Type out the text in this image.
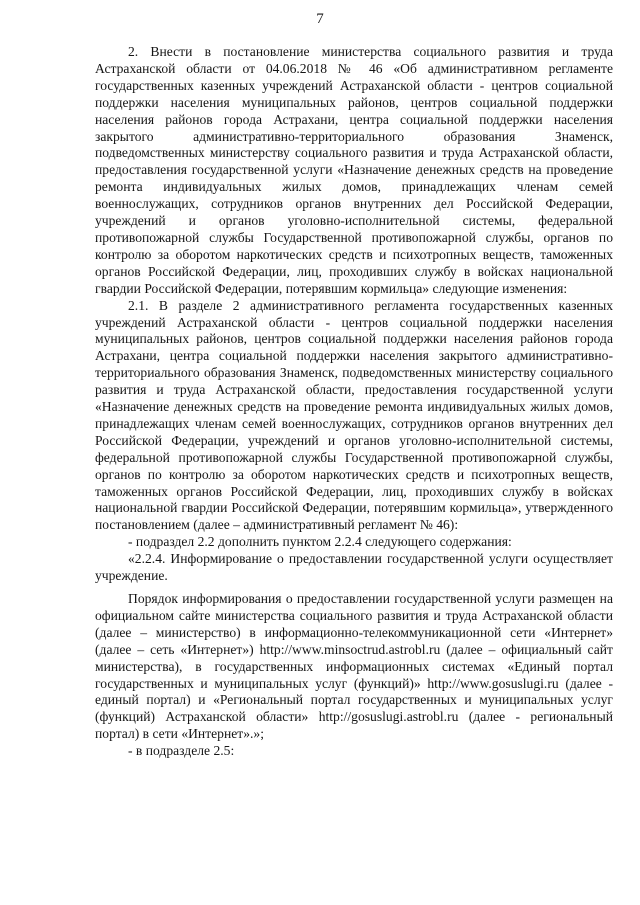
7

2. Внести в постановление министерства социального развития и труда Астраханской области от 04.06.2018 № 46 «Об административном регламенте государственных казенных учреждений Астраханской области - центров социальной поддержки населения муниципальных районов, центров социальной поддержки населения районов города Астрахани, центра социальной поддержки населения закрытого административно-территориального образования Знаменск, подведомственных министерству социального развития и труда Астраханской области, предоставления государственной услуги «Назначение денежных средств на проведение ремонта индивидуальных жилых домов, принадлежащих членам семей военнослужащих, сотрудников органов внутренних дел Российской Федерации, учреждений и органов уголовно-исполнительной системы, федеральной противопожарной службы Государственной противопожарной службы, органов по контролю за оборотом наркотических средств и психотропных веществ, таможенных органов Российской Федерации, лиц, проходивших службу в войсках национальной гвардии Российской Федерации, потерявшим кормильца» следующие изменения:

2.1. В разделе 2 административного регламента государственных казенных учреждений Астраханской области - центров социальной поддержки населения муниципальных районов, центров социальной поддержки населения районов города Астрахани, центра социальной поддержки населения закрытого административно-территориального образования Знаменск, подведомственных министерству социального развития и труда Астраханской области, предоставления государственной услуги «Назначение денежных средств на проведение ремонта индивидуальных жилых домов, принадлежащих членам семей военнослужащих, сотрудников органов внутренних дел Российской Федерации, учреждений и органов уголовно-исполнительной системы, федеральной противопожарной службы Государственной противопожарной службы, органов по контролю за оборотом наркотических средств и психотропных веществ, таможенных органов Российской Федерации, лиц, проходивших службу в войсках национальной гвардии Российской Федерации, потерявшим кормильца», утвержденного постановлением (далее – административный регламент № 46):

- подраздел 2.2 дополнить пунктом 2.2.4 следующего содержания:

«2.2.4. Информирование о предоставлении государственной услуги осуществляет учреждение.

Порядок информирования о предоставлении государственной услуги размещен на официальном сайте министерства социального развития и труда Астраханской области (далее – министерство) в информационно-телекоммуникационной сети «Интернет» (далее – сеть «Интернет») http://www.minsoctrud.astrobl.ru (далее – официальный сайт министерства), в государственных информационных системах «Единый портал государственных и муниципальных услуг (функций)» http://www.gosuslugi.ru (далее - единый портал) и «Региональный портал государственных и муниципальных услуг (функций) Астраханской области» http://gosuslugi.astrobl.ru (далее - региональный портал) в сети «Интернет».»;

- в подразделе 2.5:
